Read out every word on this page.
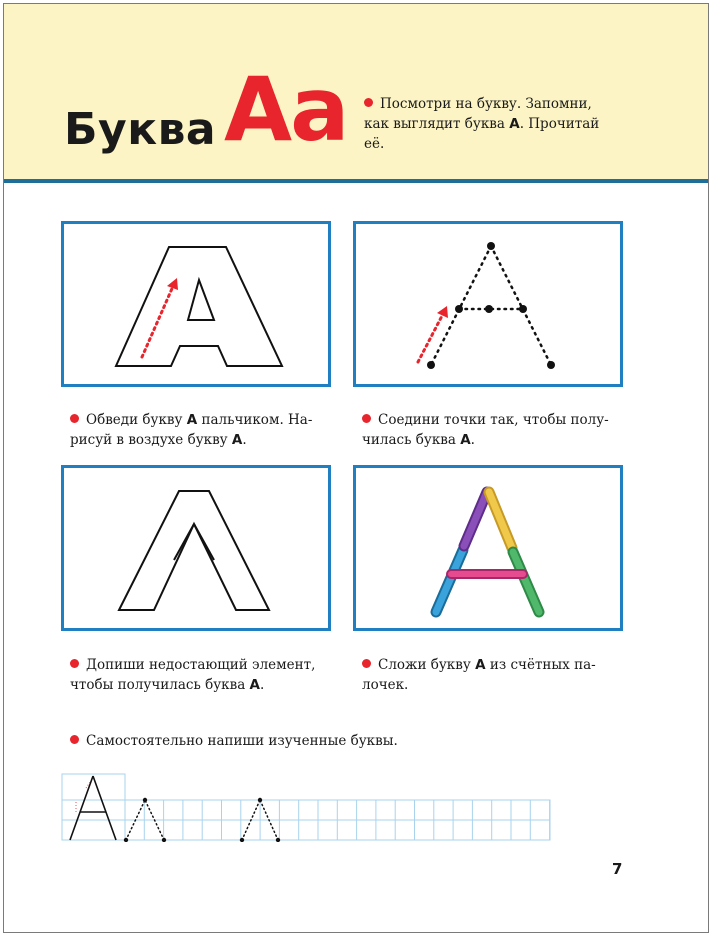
Буква Аа	Посмотри на букву. Запомни,
как выглядит буква А. Прочитай
её.
Обведи букву А пальчиком. На-
рисуй в воздухе букву А.
Соедини точки так, чтобы полу-
чилась буква А.
Допиши недостающий элемент,
чтобы получилась буква А.
Сложи букву А из счётных па-
лочек.
Самостоятельно напиши изученные буквы.
7
